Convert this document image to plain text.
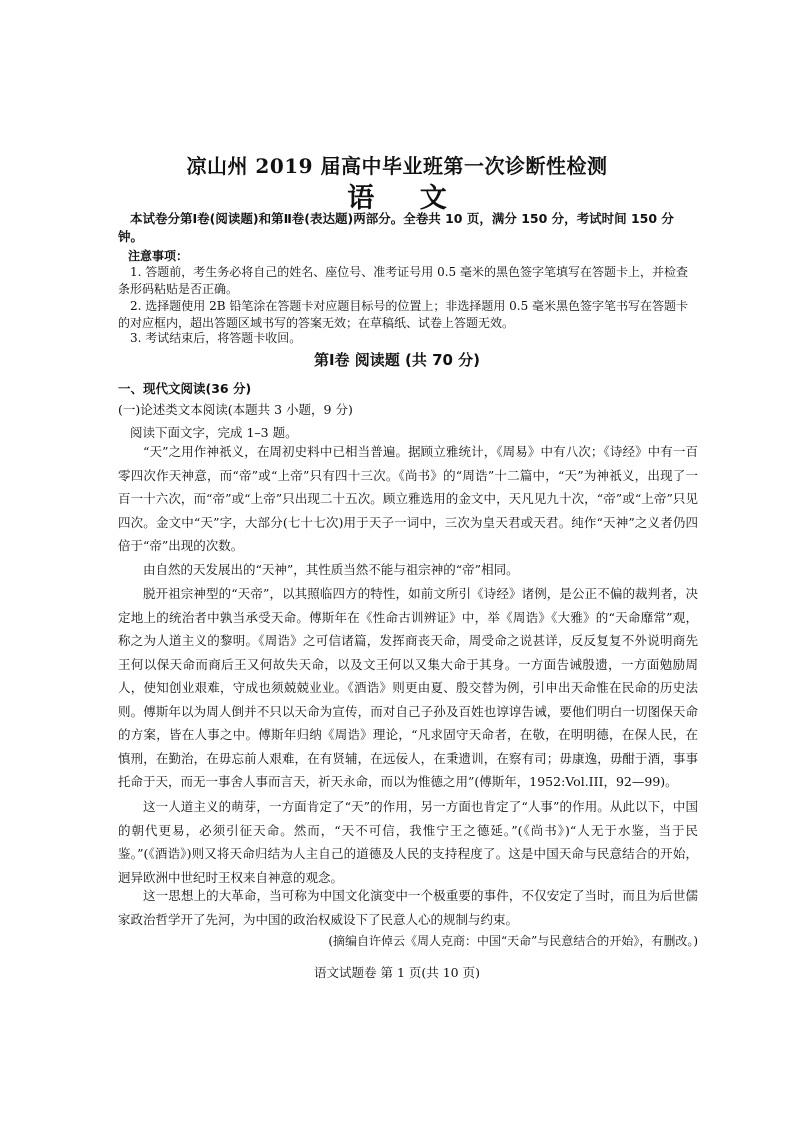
凉山州 2019 届高中毕业班第一次诊断性检测
语 文
本试卷分第Ⅰ卷(阅读题)和第Ⅱ卷(表达题)两部分。全卷共 10 页，满分 150 分，考试时间 150 分钟。
注意事项：
1. 答题前，考生务必将自己的姓名、座位号、准考证号用 0.5 毫米的黑色签字笔填写在答题卡上，并检查条形码粘贴是否正确。
2. 选择题使用 2B 铅笔涂在答题卡对应题目标号的位置上；非选择题用 0.5 毫米黑色签字笔书写在答题卡的对应框内，超出答题区域书写的答案无效；在草稿纸、试卷上答题无效。
3. 考试结束后，将答题卡收回。
第Ⅰ卷 阅读题 (共 70 分)
一、现代文阅读(36 分)
(一)论述类文本阅读(本题共 3 小题，9 分)
阅读下面文字，完成 1–3 题。
“天”之用作神祇义，在周初史料中已相当普遍。据顾立雅统计，《周易》中有八次；《诗经》中有一百零四次作天神意，而“帝”或“上帝”只有四十三次。《尚书》的“周诰”十二篇中，“天”为神祇义，出现了一百一十六次，而“帝”或“上帝”只出现二十五次。顾立雅选用的金文中，天凡见九十次，“帝”或“上帝”只见四次。金文中“天”字，大部分(七十七次)用于天子一词中，三次为皇天君或天君。纯作“天神”之义者仍四倍于“帝”出现的次数。
由自然的天发展出的“天神”，其性质当然不能与祖宗神的“帝”相同。
脱开祖宗神型的“天帝”，以其照临四方的特性，如前文所引《诗经》诸例，是公正不偏的裁判者，决定地上的统治者中孰当承受天命。傅斯年在《性命古训辨证》中，举《周诰》《大雅》的“天命靡常”观，称之为人道主义的黎明。《周诰》之可信诸篇，发挥商丧天命，周受命之说甚详，反反复复不外说明商先王何以保天命而商后王又何故失天命，以及文王何以又集大命于其身。一方面告诫殷遗，一方面勉励周人，使知创业艰难，守成也须兢兢业业。《酒诰》则更由夏、殷交替为例，引申出天命惟在民命的历史法则。傅斯年以为周人倒并不只以天命为宣传，而对自己子孙及百姓也谆谆告诫，要他们明白一切图保天命的方案，皆在人事之中。傅斯年归纳《周诰》理论，“凡求固守天命者，在敬，在明明德，在保人民，在慎刑，在勤治，在毋忘前人艰难，在有贤辅，在远佞人，在秉遗训，在察有司；毋康逸，毋酣于酒，事事托命于天，而无一事舍人事而言天，祈天永命，而以为惟德之用”(傅斯年，1952:Vol.III，92—99)。
这一人道主义的萌芽，一方面肯定了“天”的作用，另一方面也肯定了“人事”的作用。从此以下，中国的朝代更易，必须引征天命。然而，“天不可信，我惟宁王之德延。”(《尚书》)“人无于水鉴，当于民鉴。”(《酒诰》)则又将天命归结为人主自己的道德及人民的支持程度了。这是中国天命与民意结合的开始，迥异欧洲中世纪时王权来自神意的观念。
这一思想上的大革命，当可称为中国文化演变中一个极重要的事件，不仅安定了当时，而且为后世儒家政治哲学开了先河，为中国的政治权威设下了民意人心的规制与约束。
(摘编自许倬云《周人克商：中国“天命”与民意结合的开始》，有删改。)
语文试题卷 第 1 页(共 10 页)
